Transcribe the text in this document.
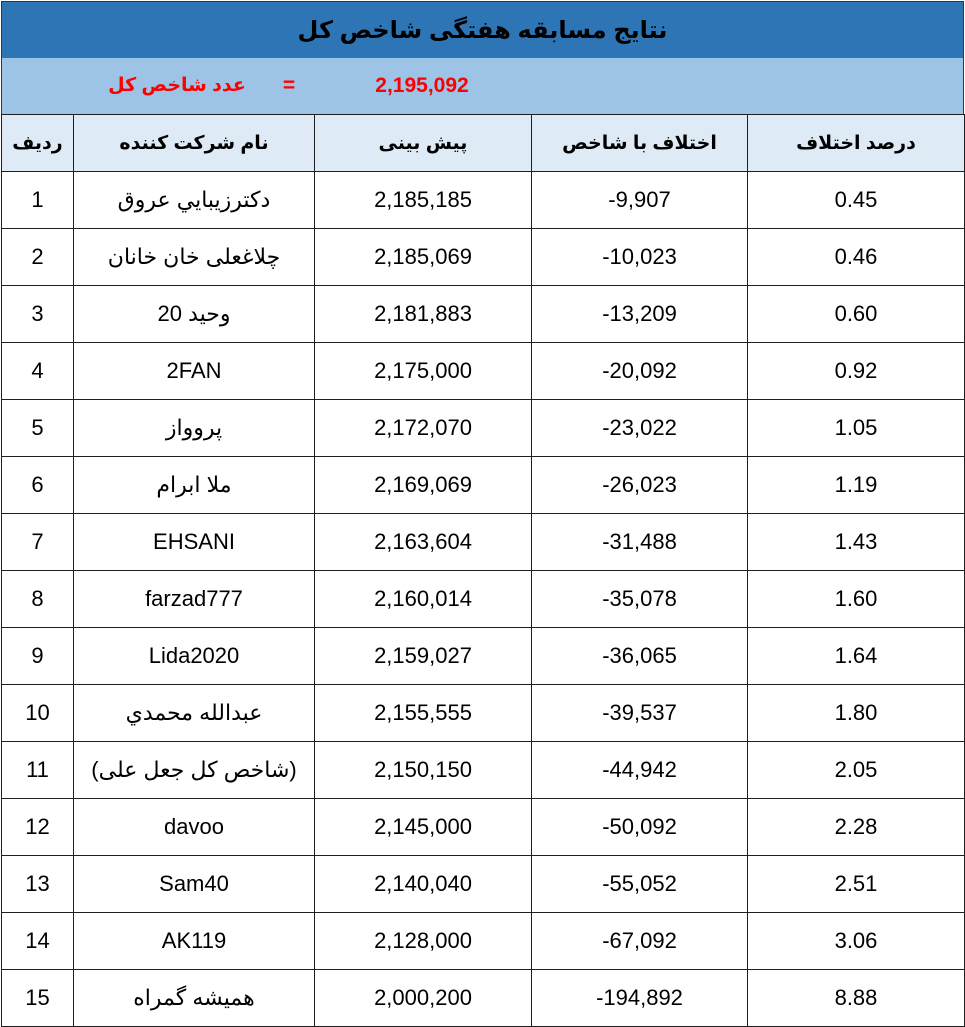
نتایج مسابقه هفتگی شاخص کل
عدد شاخص کل	=	2,195,092
ردیف	نام شرکت کننده	پیش بینی	اختلاف با شاخص	درصد اختلاف
1	دکترزيبايي عروق	2,185,185	-9,907	0.45
2	چلاغعلی خان خانان	2,185,069	-10,023	0.46
3	وحید 20	2,181,883	-13,209	0.60
4	2FAN	2,175,000	-20,092	0.92
5	پروواز	2,172,070	-23,022	1.05
6	ملا ابرام	2,169,069	-26,023	1.19
7	EHSANI	2,163,604	-31,488	1.43
8	farzad777	2,160,014	-35,078	1.60
9	Lida2020	2,159,027	-36,065	1.64
10	عبدالله محمدي	2,155,555	-39,537	1.80
11	(شاخص کل جعل علی)	2,150,150	-44,942	2.05
12	davoo	2,145,000	-50,092	2.28
13	Sam40	2,140,040	-55,052	2.51
14	AK119	2,128,000	-67,092	3.06
15	همیشه گمراه	2,000,200	-194,892	8.88
